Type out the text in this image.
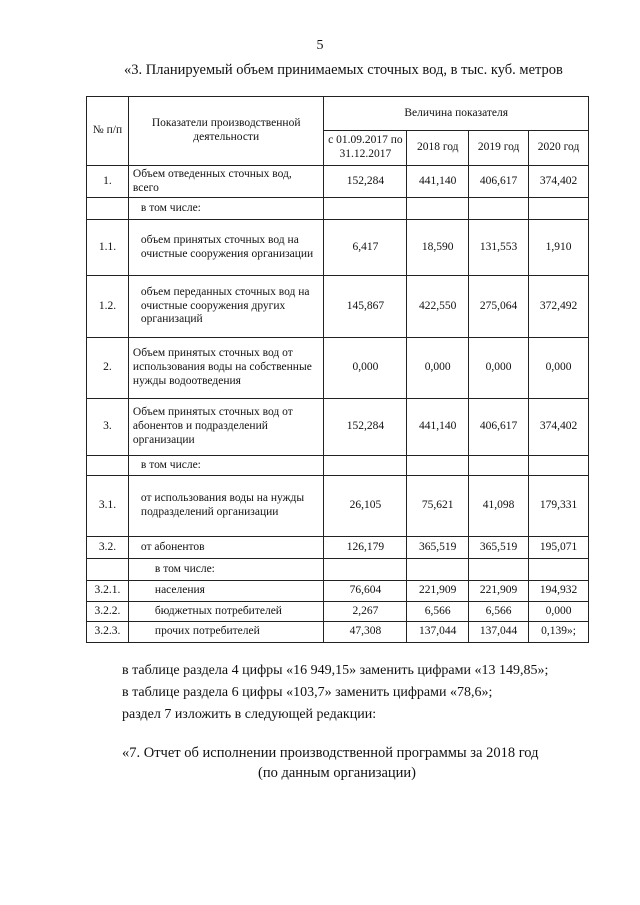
5
«3. Планируемый объем принимаемых сточных вод, в тыс. куб. метров
№ п/п	Показатели производственной деятельности	Величина показателя			
		с 01.09.2017 по 31.12.2017	2018 год	2019 год	2020 год
1.	Объем отведенных сточных вод, всего	152,284	441,140	406,617	374,402
	в том числе:				
1.1.	объем принятых сточных вод на очистные сооружения организации	6,417	18,590	131,553	1,910
1.2.	объем переданных сточных вод на очистные сооружения других организаций	145,867	422,550	275,064	372,492
2.	Объем принятых сточных вод от использования воды на собственные нужды водоотведения	0,000	0,000	0,000	0,000
3.	Объем принятых сточных вод от абонентов и подразделений организации	152,284	441,140	406,617	374,402
	в том числе:				
3.1.	от использования воды на нужды подразделений организации	26,105	75,621	41,098	179,331
3.2.	от абонентов	126,179	365,519	365,519	195,071
	в том числе:				
3.2.1.	населения	76,604	221,909	221,909	194,932
3.2.2.	бюджетных потребителей	2,267	6,566	6,566	0,000
3.2.3.	прочих потребителей	47,308	137,044	137,044	0,139»;
в таблице раздела 4 цифры «16 949,15» заменить цифрами «13 149,85»;
в таблице раздела 6 цифры «103,7» заменить цифрами «78,6»;
раздел 7 изложить в следующей редакции:
«7. Отчет об исполнении производственной программы за 2018 год
(по данным организации)
